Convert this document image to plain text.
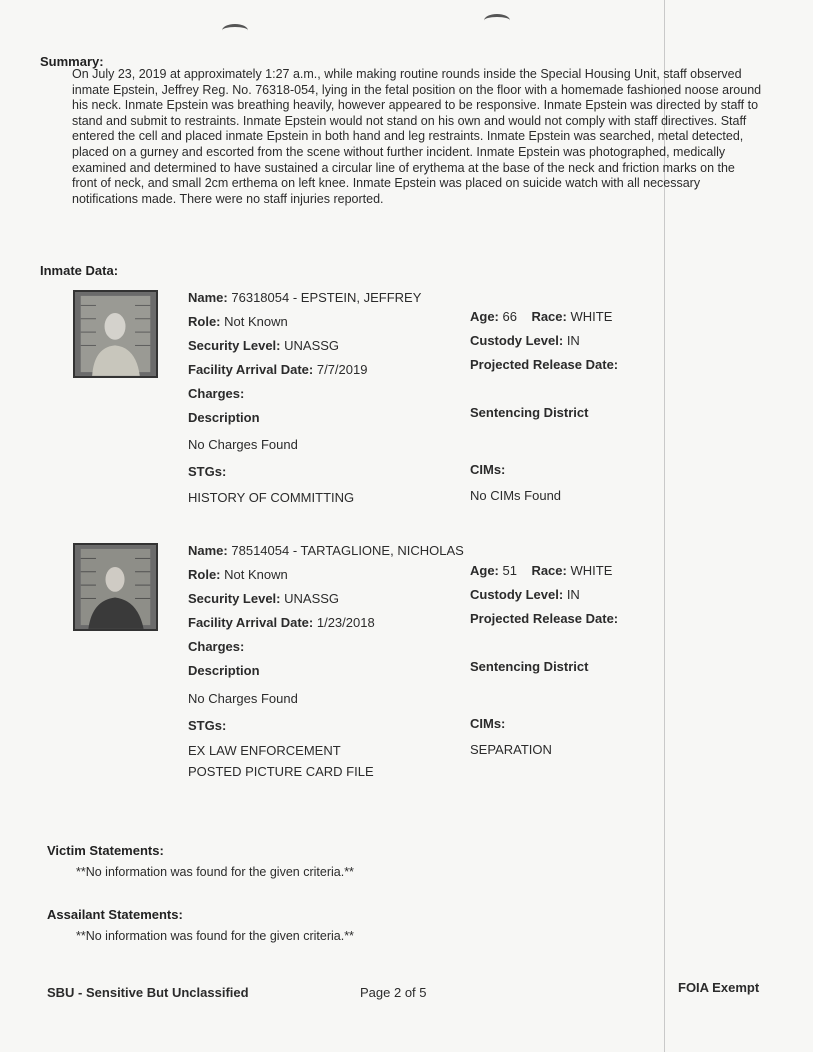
Summary:
On July 23, 2019 at approximately 1:27 a.m., while making routine rounds inside the Special Housing Unit, staff observed inmate Epstein, Jeffrey Reg. No. 76318-054, lying in the fetal position on the floor with a homemade fashioned noose around his neck. Inmate Epstein was breathing heavily, however appeared to be responsive. Inmate Epstein was directed by staff to stand and submit to restraints. Inmate Epstein would not stand on his own and would not comply with staff directives. Staff entered the cell and placed inmate Epstein in both hand and leg restraints. Inmate Epstein was searched, metal detected, placed on a gurney and escorted from the scene without further incident. Inmate Epstein was photographed, medically examined and determined to have sustained a circular line of erythema at the base of the neck and friction marks on the front of neck, and small 2cm erthema on left knee. Inmate Epstein was placed on suicide watch with all necessary notifications made. There were no staff injuries reported.
Inmate Data:
Name: 76318054 - EPSTEIN, JEFFREY
Role: Not Known
Security Level: UNASSG
Facility Arrival Date: 7/7/2019
Charges:
Description
No Charges Found
STGs:
HISTORY OF COMMITTING
Age: 66 Race: WHITE
Custody Level: IN
Projected Release Date:
Sentencing District
CIMs:
No CIMs Found
Name: 78514054 - TARTAGLIONE, NICHOLAS
Role: Not Known
Security Level: UNASSG
Facility Arrival Date: 1/23/2018
Charges:
Description
No Charges Found
STGs:
EX LAW ENFORCEMENT
POSTED PICTURE CARD FILE
Age: 51 Race: WHITE
Custody Level: IN
Projected Release Date:
Sentencing District
CIMs:
SEPARATION
Victim Statements:
**No information was found for the given criteria.**
Assailant Statements:
**No information was found for the given criteria.**
SBU - Sensitive But Unclassified	Page 2 of 5	FOIA Exempt
